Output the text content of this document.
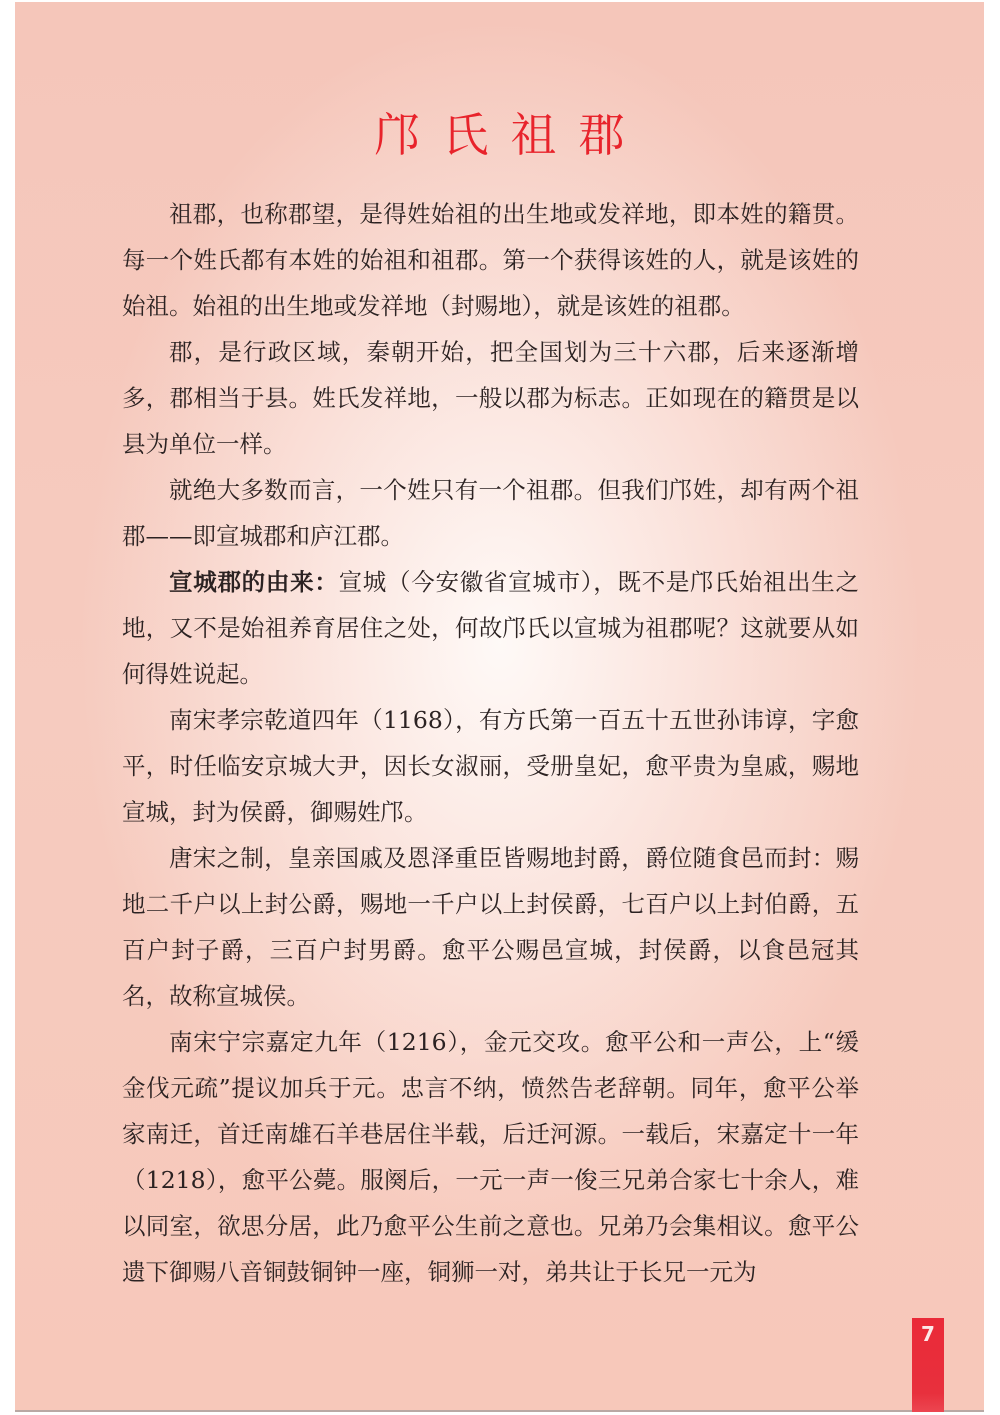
邝氏祖郡

祖郡，也称郡望，是得姓始祖的出生地或发祥地，即本姓的籍贯。每一个姓氏都有本姓的始祖和祖郡。第一个获得该姓的人，就是该姓的始祖。始祖的出生地或发祥地（封赐地），就是该姓的祖郡。

郡，是行政区域，秦朝开始，把全国划为三十六郡，后来逐渐增多，郡相当于县。姓氏发祥地，一般以郡为标志。正如现在的籍贯是以县为单位一样。

就绝大多数而言，一个姓只有一个祖郡。但我们邝姓，却有两个祖郡——即宣城郡和庐江郡。

宣城郡的由来：宣城（今安徽省宣城市），既不是邝氏始祖出生之地，又不是始祖养育居住之处，何故邝氏以宣城为祖郡呢？这就要从如何得姓说起。

南宋孝宗乾道四年（1168），有方氏第一百五十五世孙讳谆，字愈平，时任临安京城大尹，因长女淑丽，受册皇妃，愈平贵为皇戚，赐地宣城，封为侯爵，御赐姓邝。

唐宋之制，皇亲国戚及恩泽重臣皆赐地封爵，爵位随食邑而封：赐地二千户以上封公爵，赐地一千户以上封侯爵，七百户以上封伯爵，五百户封子爵，三百户封男爵。愈平公赐邑宣城，封侯爵，以食邑冠其名，故称宣城侯。

南宋宁宗嘉定九年（1216），金元交攻。愈平公和一声公，上“缓金伐元疏”提议加兵于元。忠言不纳，愤然告老辞朝。同年，愈平公举家南迁，首迁南雄石羊巷居住半载，后迁河源。一载后，宋嘉定十一年（1218），愈平公薨。服阕后，一元一声一俊三兄弟合家七十余人，难以同室，欲思分居，此乃愈平公生前之意也。兄弟乃会集相议。愈平公遗下御赐八音铜鼓铜钟一座，铜狮一对，弟共让于长兄一元为

7
